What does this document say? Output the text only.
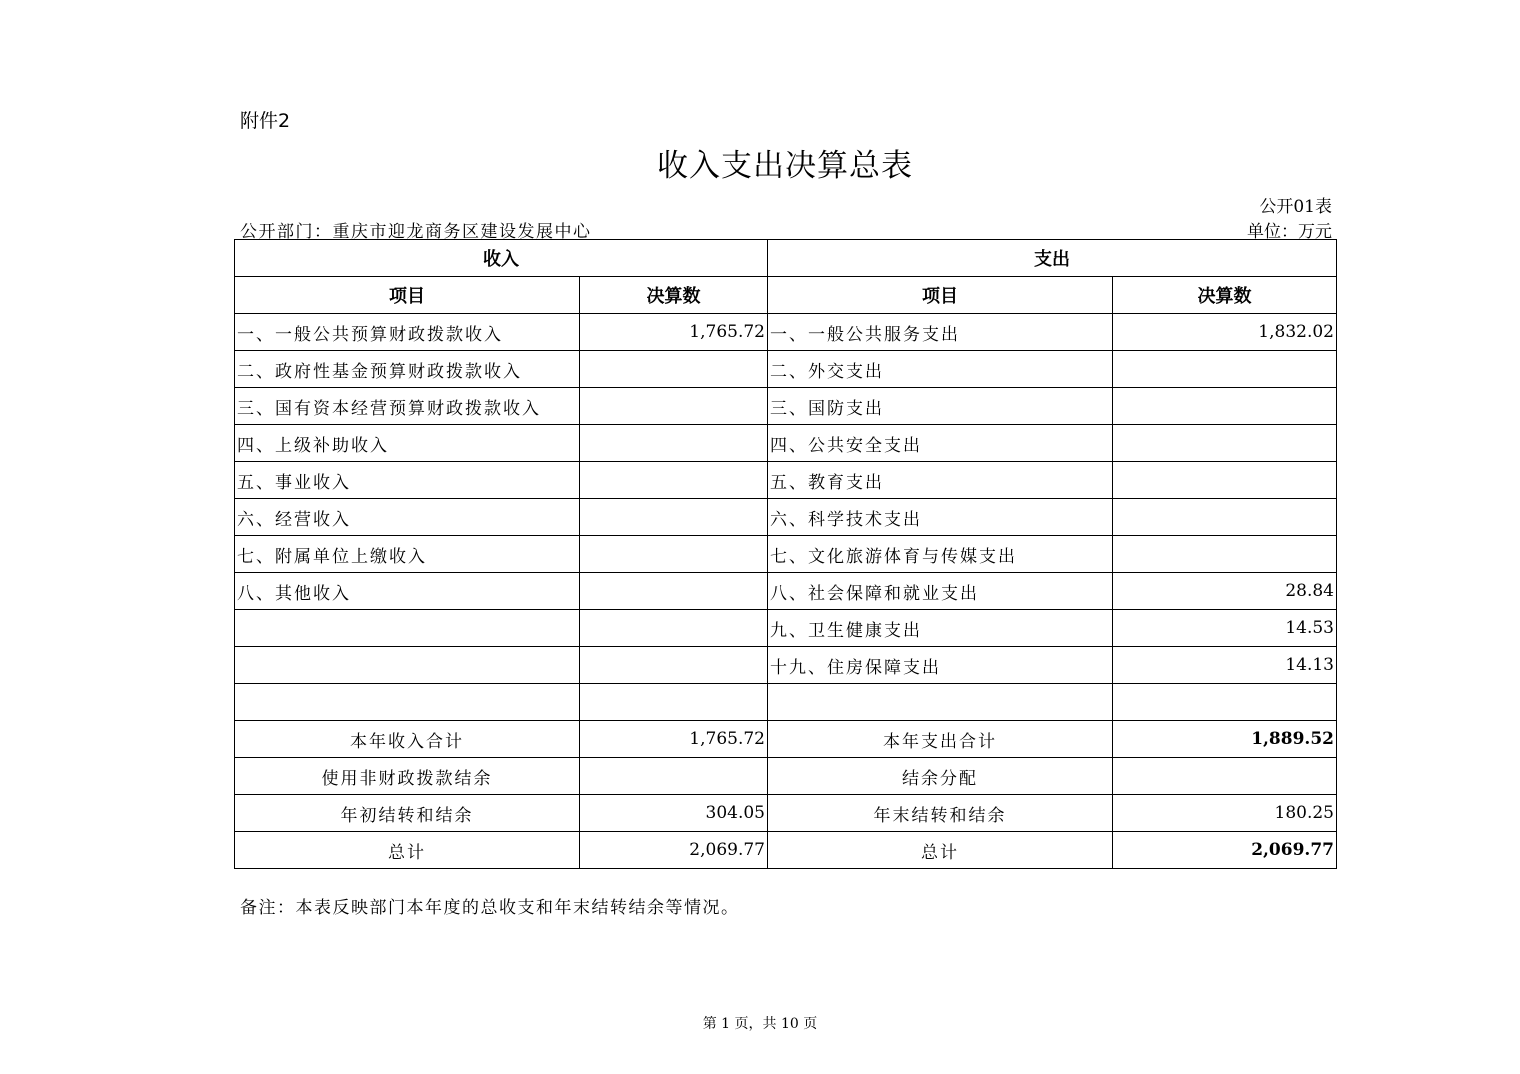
附件2
收入支出决算总表
公开01表
公开部门：重庆市迎龙商务区建设发展中心	单位：万元
收入		支出	
项目	决算数	项目	决算数
一、一般公共预算财政拨款收入	1,765.72	一、一般公共服务支出	1,832.02
二、政府性基金预算财政拨款收入		二、外交支出	
三、国有资本经营预算财政拨款收入		三、国防支出	
四、上级补助收入		四、公共安全支出	
五、事业收入		五、教育支出	
六、经营收入		六、科学技术支出	
七、附属单位上缴收入		七、文化旅游体育与传媒支出	
八、其他收入		八、社会保障和就业支出	28.84
		九、卫生健康支出	14.53
		十九、住房保障支出	14.13

本年收入合计	1,765.72	本年支出合计	1,889.52
使用非财政拨款结余		结余分配	
年初结转和结余	304.05	年末结转和结余	180.25
总计	2,069.77	总计	2,069.77
备注：本表反映部门本年度的总收支和年末结转结余等情况。
第 1 页，共 10 页
